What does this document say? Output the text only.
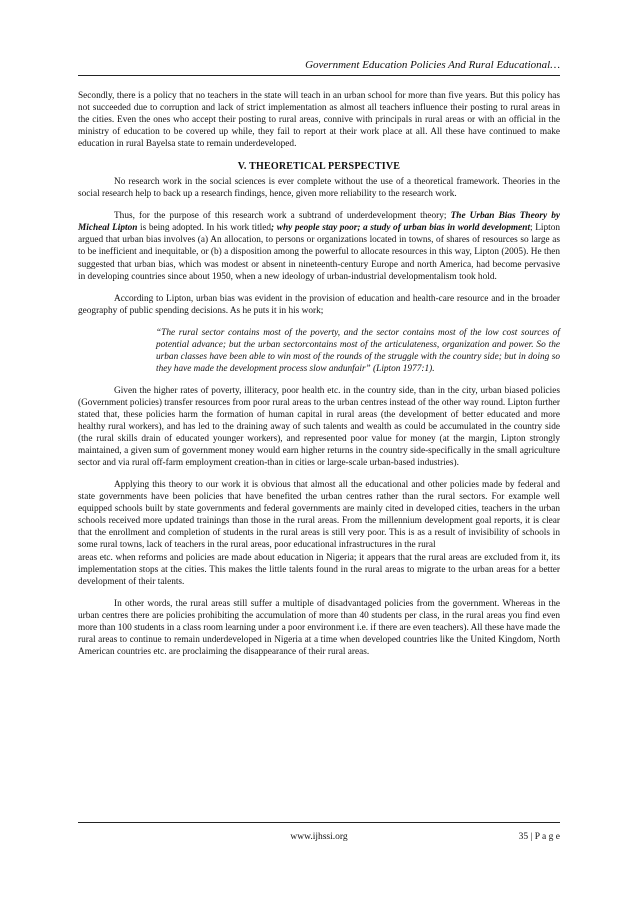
Government Education Policies And Rural Educational…

Secondly, there is a policy that no teachers in the state will teach in an urban school for more than five years. But this policy has not succeeded due to corruption and lack of strict implementation as almost all teachers influence their posting to rural areas in the cities. Even the ones who accept their posting to rural areas, connive with principals in rural areas or with an official in the ministry of education to be covered up while, they fail to report at their work place at all. All these have continued to make education in rural Bayelsa state to remain underdeveloped.

V. THEORETICAL PERSPECTIVE

No research work in the social sciences is ever complete without the use of a theoretical framework. Theories in the social research help to back up a research findings, hence, given more reliability to the research work.

Thus, for the purpose of this research work a subtrand of underdevelopment theory; The Urban Bias Theory by Micheal Lipton is being adopted. In his work titled; why people stay poor; a study of urban bias in world development; Lipton argued that urban bias involves (a) An allocation, to persons or organizations located in towns, of shares of resources so large as to be inefficient and inequitable, or (b) a disposition among the powerful to allocate resources in this way, Lipton (2005). He then suggested that urban bias, which was modest or absent in nineteenth-century Europe and north America, had become pervasive in developing countries since about 1950, when a new ideology of urban-industrial developmentalism took hold.

According to Lipton, urban bias was evident in the provision of education and health-care resource and in the broader geography of public spending decisions. As he puts it in his work;

“The rural sector contains most of the poverty, and the sector contains most of the low cost sources of potential advance; but the urban sectorcontains most of the articulateness, organization and power. So the urban classes have been able to win most of the rounds of the struggle with the country side; but in doing so they have made the development process slow andunfair” (Lipton 1977:1).

Given the higher rates of poverty, illiteracy, poor health etc. in the country side, than in the city, urban biased policies (Government policies) transfer resources from poor rural areas to the urban centres instead of the other way round. Lipton further stated that, these policies harm the formation of human capital in rural areas (the development of better educated and more healthy rural workers), and has led to the draining away of such talents and wealth as could be accumulated in the country side (the rural skills drain of educated younger workers), and represented poor value for money (at the margin, Lipton strongly maintained, a given sum of government money would earn higher returns in the country side-specifically in the small agriculture sector and via rural off-farm employment creation-than in cities or large-scale urban-based industries).

Applying this theory to our work it is obvious that almost all the educational and other policies made by federal and state governments have been policies that have benefited the urban centres rather than the rural sectors. For example well equipped schools built by state governments and federal governments are mainly cited in developed cities, teachers in the urban schools received more updated trainings than those in the rural areas. From the millennium development goal reports, it is clear that the enrollment and completion of students in the rural areas is still very poor. This is as a result of invisibility of schools in some rural towns, lack of teachers in the rural areas, poor educational infrastructures in the rural

areas etc. when reforms and policies are made about education in Nigeria; it appears that the rural areas are excluded from it, its implementation stops at the cities. This makes the little talents found in the rural areas to migrate to the urban areas for a better development of their talents.

In other words, the rural areas still suffer a multiple of disadvantaged policies from the government. Whereas in the urban centres there are policies prohibiting the accumulation of more than 40 students per class, in the rural areas you find even more than 100 students in a class room learning under a poor environment i.e. if there are even teachers). All these have made the rural areas to continue to remain underdeveloped in Nigeria at a time when developed countries like the United Kingdom, North American countries etc. are proclaiming the disappearance of their rural areas.

www.ijhssi.org	35 | P a g e
